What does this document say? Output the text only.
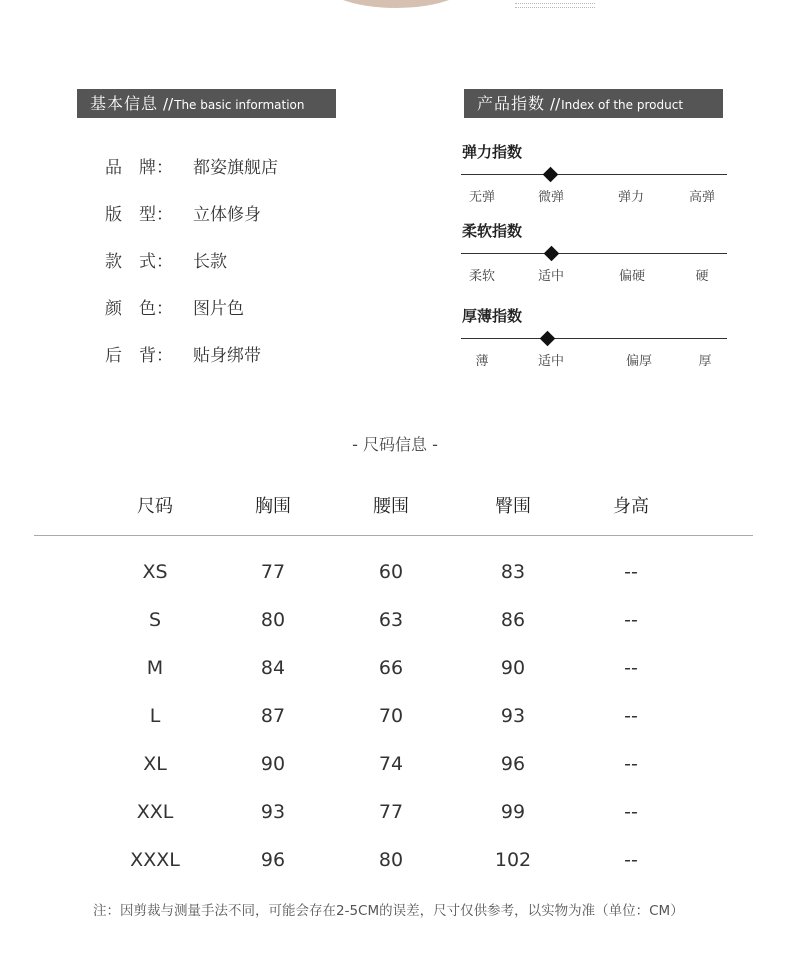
基本信息 //The basic information
品　牌： 都姿旗舰店
版　型： 立体修身
款　式： 长款
颜　色： 图片色
后　背： 贴身绑带
产品指数 //Index of the product
弹力指数
无弹	微弹	弹力	高弹
柔软指数
柔软	适中	偏硬	硬
厚薄指数
薄	适中	偏厚	厚
- 尺码信息 -
尺码	胸围	腰围	臀围	身高
XS	77	60	83	--
S	80	63	86	--
M	84	66	90	--
L	87	70	93	--
XL	90	74	96	--
XXL	93	77	99	--
XXXL	96	80	102	--
注：因剪裁与测量手法不同，可能会存在2-5CM的误差，尺寸仅供参考，以实物为准（单位：CM）
